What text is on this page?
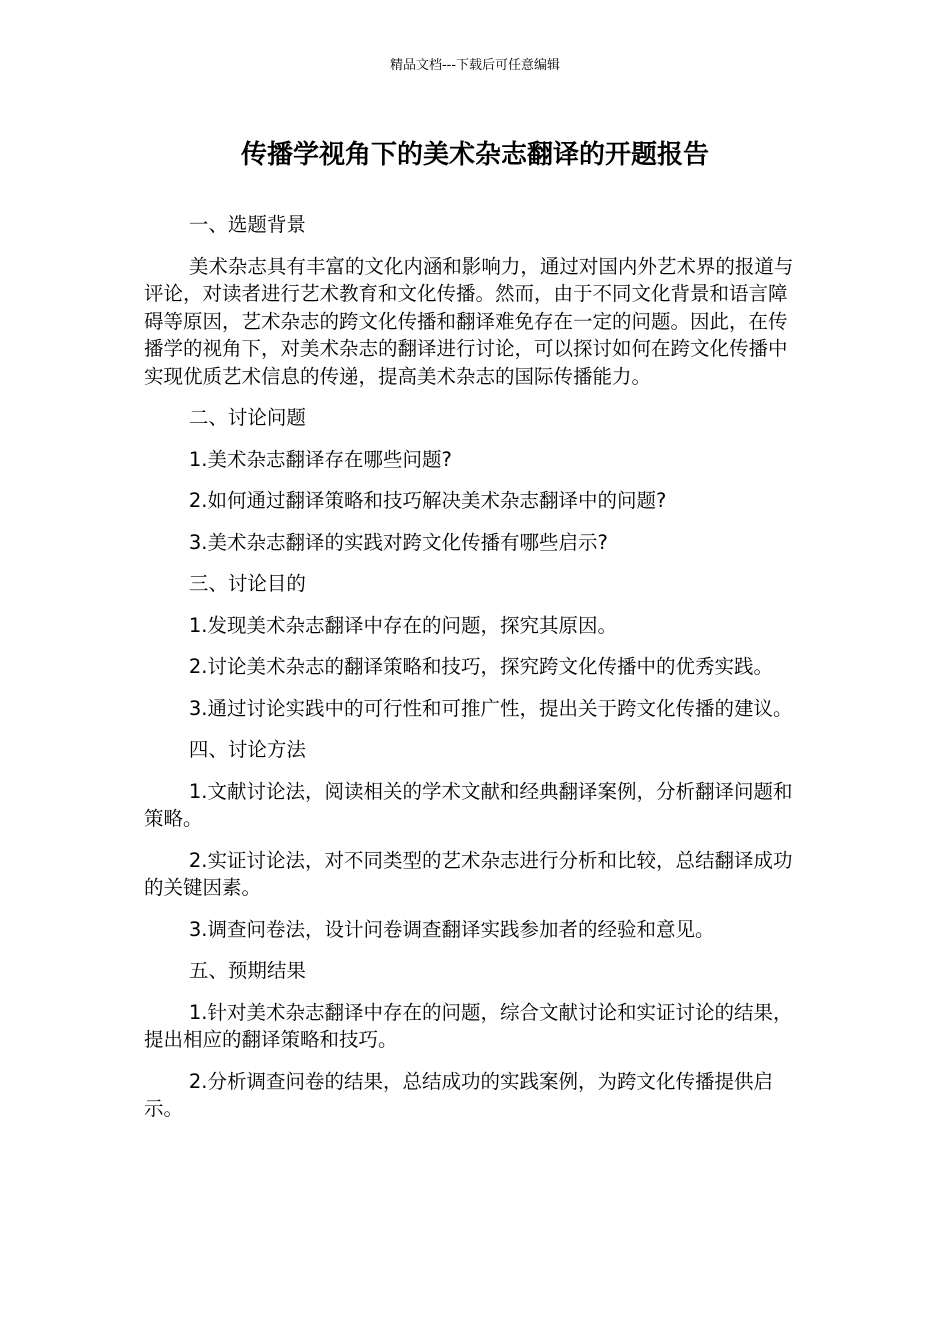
精品文档---下载后可任意编辑
传播学视角下的美术杂志翻译的开题报告

一、选题背景

美术杂志具有丰富的文化内涵和影响力，通过对国内外艺术界的报道与评论，对读者进行艺术教育和文化传播。然而，由于不同文化背景和语言障碍等原因，艺术杂志的跨文化传播和翻译难免存在一定的问题。因此，在传播学的视角下，对美术杂志的翻译进行讨论，可以探讨如何在跨文化传播中实现优质艺术信息的传递，提高美术杂志的国际传播能力。

二、讨论问题

1.美术杂志翻译存在哪些问题?

2.如何通过翻译策略和技巧解决美术杂志翻译中的问题?

3.美术杂志翻译的实践对跨文化传播有哪些启示?

三、讨论目的

1.发现美术杂志翻译中存在的问题，探究其原因。

2.讨论美术杂志的翻译策略和技巧，探究跨文化传播中的优秀实践。

3.通过讨论实践中的可行性和可推广性，提出关于跨文化传播的建议。

四、讨论方法

1.文献讨论法，阅读相关的学术文献和经典翻译案例，分析翻译问题和策略。

2.实证讨论法，对不同类型的艺术杂志进行分析和比较，总结翻译成功的关键因素。

3.调查问卷法，设计问卷调查翻译实践参加者的经验和意见。

五、预期结果

1.针对美术杂志翻译中存在的问题，综合文献讨论和实证讨论的结果，提出相应的翻译策略和技巧。

2.分析调查问卷的结果，总结成功的实践案例，为跨文化传播提供启示。
